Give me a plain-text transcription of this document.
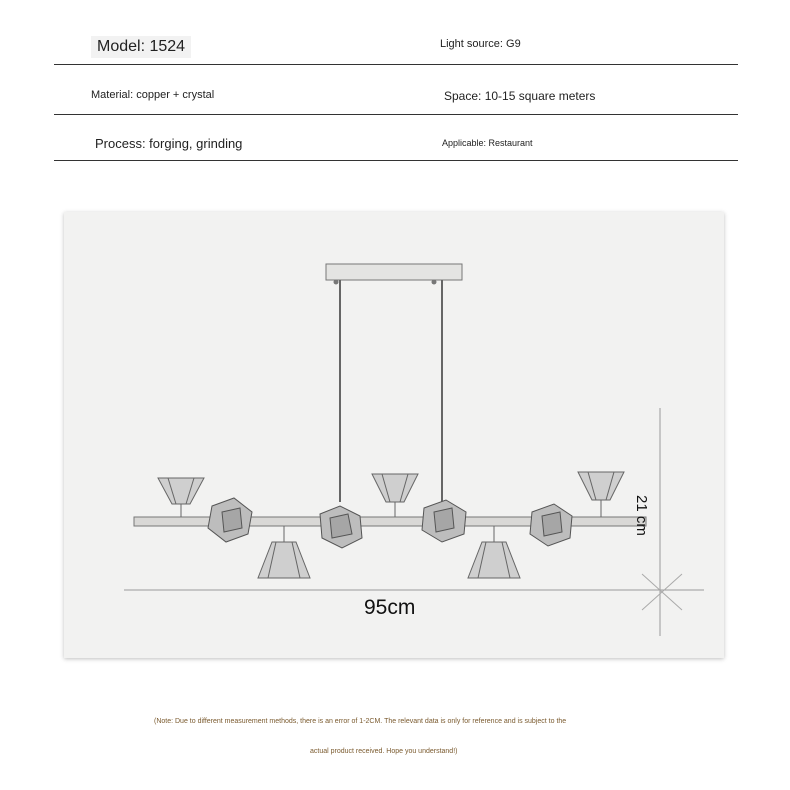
Model: 1524	Light source: G9
Material: copper + crystal	Space: 10-15 square meters
Process: forging, grinding	Applicable: Restaurant
95cm
21 cm
(Note: Due to different measurement methods, there is an error of 1-2CM. The relevant data is only for reference and is subject to the
actual product received. Hope you understand!)
